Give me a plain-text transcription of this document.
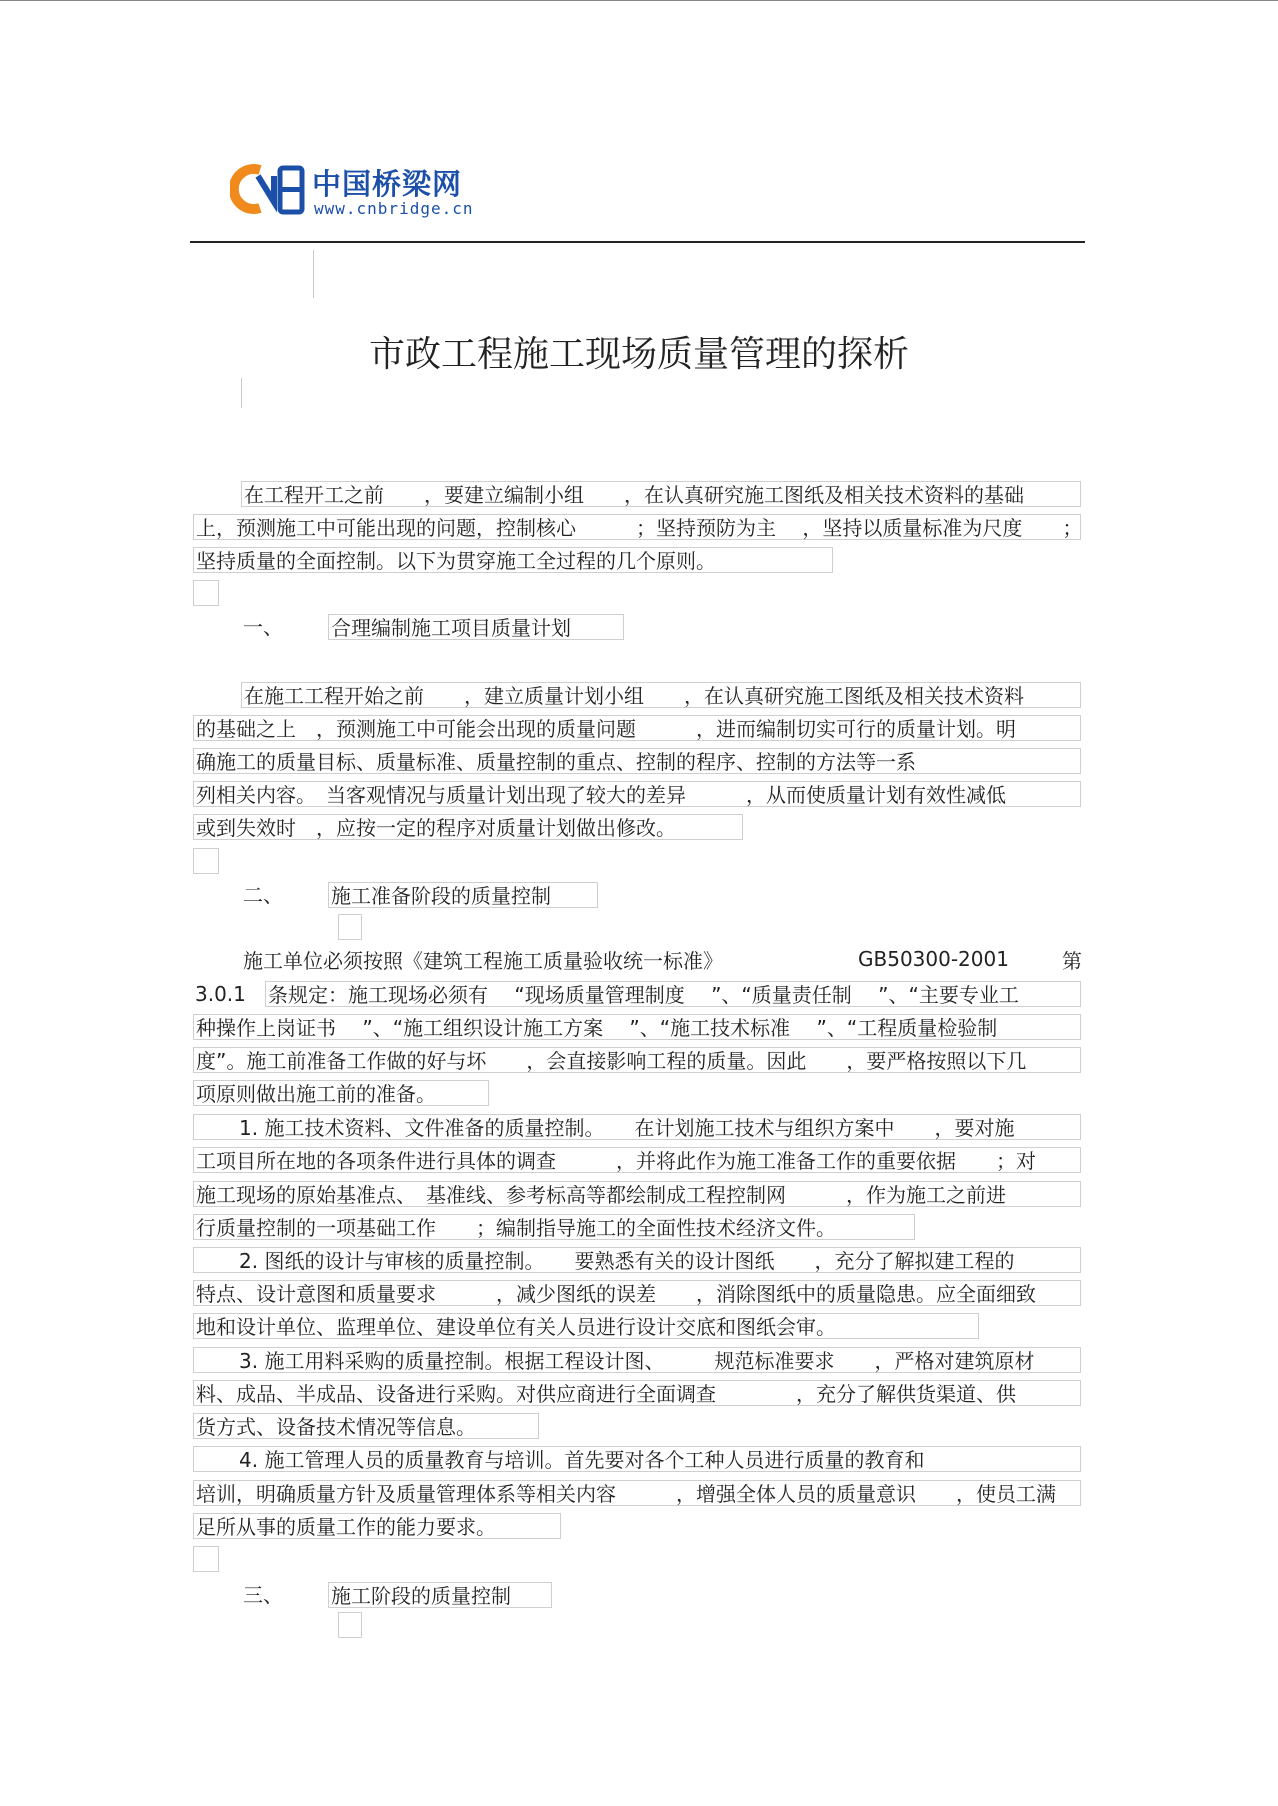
中国桥梁网
www.cnbridge.cn
市政工程施工现场质量管理的探析
在工程开工之前　　，要建立编制小组　　，在认真研究施工图纸及相关技术资料的基础
上，预测施工中可能出现的问题，控制核心　　　；坚持预防为主　 ，坚持以质量标准为尺度　　；
坚持质量的全面控制。以下为贯穿施工全过程的几个原则。
一、	合理编制施工项目质量计划
在施工工程开始之前　　，建立质量计划小组　　，在认真研究施工图纸及相关技术资料
的基础之上　，预测施工中可能会出现的质量问题　　　，进而编制切实可行的质量计划。明
确施工的质量目标、质量标准、质量控制的重点、控制的程序、控制的方法等一系
列相关内容。　当客观情况与质量计划出现了较大的差异　　　，从而使质量计划有效性减低
或到失效时　，应按一定的程序对质量计划做出修改。
二、	施工准备阶段的质量控制
施工单位必须按照《建筑工程施工质量验收统一标准》	GB50300-2001	第
3.0.1	条规定：施工现场必须有　 “现场质量管理制度　 ”、“质量责任制　 ”、“主要专业工
种操作上岗证书　 ”、“施工组织设计施工方案　 ”、“施工技术标准　 ”、“工程质量检验制
度”。施工前准备工作做的好与坏　　，会直接影响工程的质量。因此　　，要严格按照以下几
项原则做出施工前的准备。
1. 施工技术资料、文件准备的质量控制。　　在计划施工技术与组织方案中　　，要对施
工项目所在地的各项条件进行具体的调查　　　，并将此作为施工准备工作的重要依据　　；对
施工现场的原始基准点、　基准线、参考标高等都绘制成工程控制网　　　，作为施工之前进
行质量控制的一项基础工作　　；编制指导施工的全面性技术经济文件。
2. 图纸的设计与审核的质量控制。　　要熟悉有关的设计图纸　　，充分了解拟建工程的
特点、设计意图和质量要求　　　，减少图纸的误差　　，消除图纸中的质量隐患。应全面细致
地和设计单位、监理单位、建设单位有关人员进行设计交底和图纸会审。
3. 施工用料采购的质量控制。根据工程设计图、　　　规范标准要求　　，严格对建筑原材
料、成品、半成品、设备进行采购。对供应商进行全面调查　　　　，充分了解供货渠道、供
货方式、设备技术情况等信息。
4. 施工管理人员的质量教育与培训。首先要对各个工种人员进行质量的教育和
培训，明确质量方针及质量管理体系等相关内容　　　，增强全体人员的质量意识　　，使员工满
足所从事的质量工作的能力要求。
三、	施工阶段的质量控制
